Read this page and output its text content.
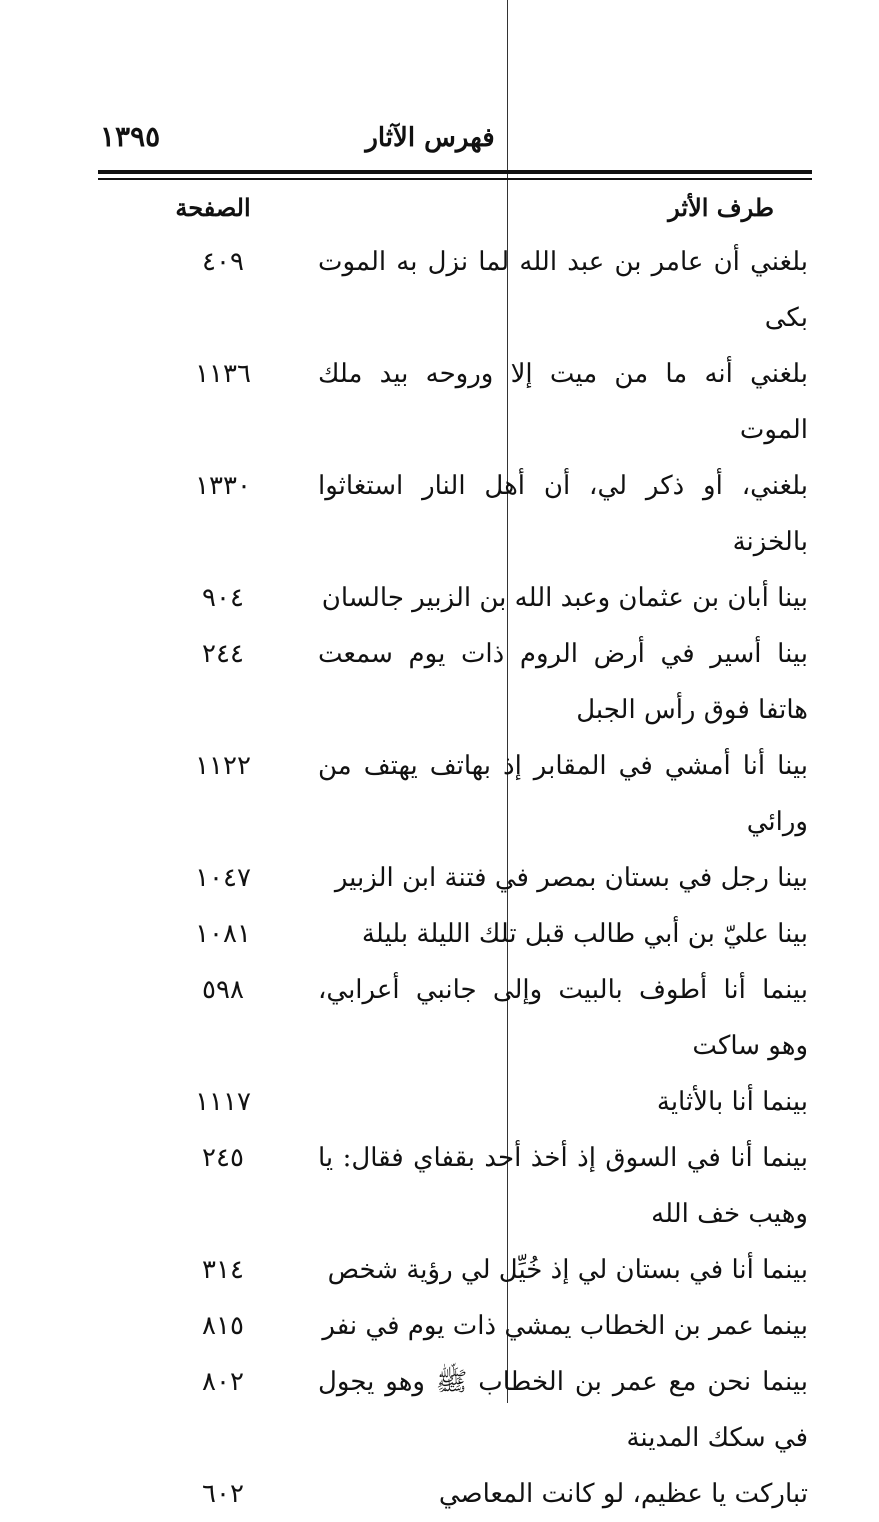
١٣٩٥	فهرس الآثار
طرف الأثر
الصفحة
بلغني أن عامر بن عبد الله لما نزل به الموت بكى
٤٠٩
بلغني أنه ما من ميت إلا وروحه بيد ملك الموت
١١٣٦
بلغني، أو ذكر لي، أن أهل النار استغاثوا بالخزنة
١٣٣٠
بينا أبان بن عثمان وعبد الله بن الزبير جالسان
٩٠٤
بينا أسير في أرض الروم ذات يوم سمعت هاتفا فوق رأس الجبل
٢٤٤
بينا أنا أمشي في المقابر إذ بهاتف يهتف من ورائي
١١٢٢
بينا رجل في بستان بمصر في فتنة ابن الزبير
١٠٤٧
بينا عليّ بن أبي طالب قبل تلك الليلة بليلة
١٠٨١
بينما أنا أطوف بالبيت وإلى جانبي أعرابي، وهو ساكت
٥٩٨
بينما أنا بالأثاية
١١١٧
بينما أنا في السوق إذ أخذ أحد بقفاي فقال: يا وهيب خف الله
٢٤٥
بينما أنا في بستان لي إذ خُيِّل لي رؤية شخص
٣١٤
بينما عمر بن الخطاب يمشي ذات يوم في نفر
٨١٥
بينما نحن مع عمر بن الخطاب ﷺ وهو يجول في سكك المدينة
٨٠٢
تباركت يا عظيم، لو كانت المعاصي
٦٠٢
